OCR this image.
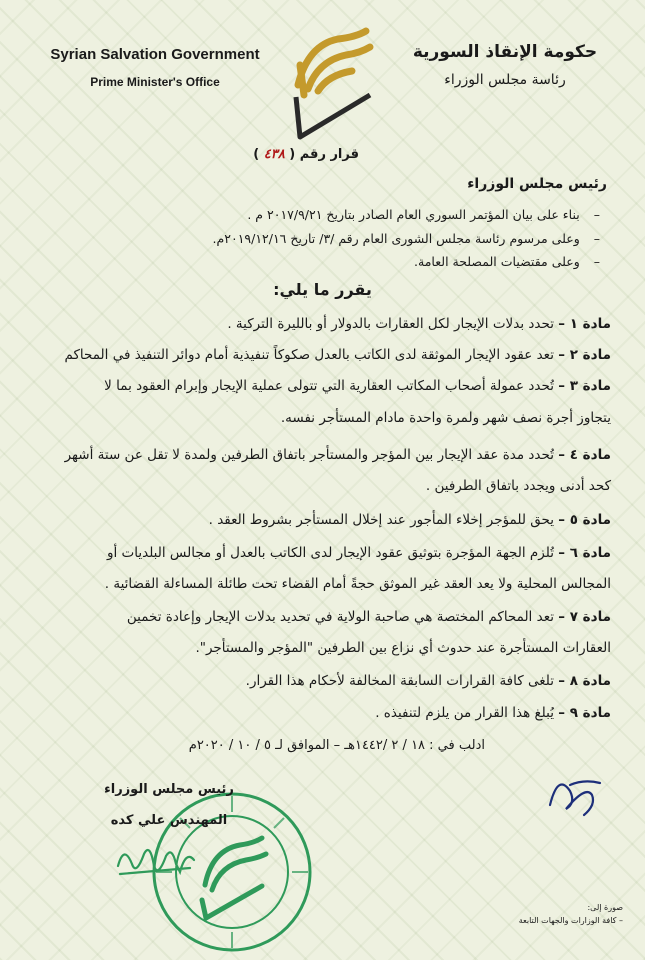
Syrian Salvation Government
Prime Minister's Office
حكومة الإنقاذ السورية
رئاسة مجلس الوزراء
قرار رقم ( ٤٣٨ )
رئيس مجلس الوزراء
–بناء على بيان المؤتمر السوري العام الصادر بتاريخ ٢٠١٧/٩/٢١ م .
–وعلى مرسوم رئاسة مجلس الشورى العام رقم /٣/ تاريخ ٢٠١٩/١٢/١٦م.
–وعلى مقتضيات المصلحة العامة.
يقرر ما يلي:
مادة ١ – تحدد بدلات الإيجار لكل العقارات بالدولار أو بالليرة التركية .
مادة ٢ – تعد عقود الإيجار الموثقة لدى الكاتب بالعدل صكوكاً تنفيذية أمام دوائر التنفيذ في المحاكم
مادة ٣ – تُحدد عمولة أصحاب المكاتب العقارية التي تتولى عملية الإيجار وإبرام العقود بما لا
يتجاوز أجرة نصف شهر ولمرة واحدة مادام المستأجر نفسه.
مادة ٤ – تُحدد مدة عقد الإيجار بين المؤجر والمستأجر باتفاق الطرفين ولمدة لا تقل عن ستة أشهر
كحد أدنى ويجدد باتفاق الطرفين .
مادة ٥ – يحق للمؤجر إخلاء المأجور عند إخلال المستأجر بشروط العقد .
مادة ٦ – تُلزم الجهة المؤجرة بتوثيق عقود الإيجار لدى الكاتب بالعدل أو مجالس البلديات أو
المجالس المحلية ولا يعد العقد غير الموثق حجةً أمام القضاء تحت طائلة المساءلة القضائية .
مادة ٧ – تعد المحاكم المختصة هي صاحبة الولاية في تحديد بدلات الإيجار وإعادة تخمين
العقارات المستأجرة عند حدوث أي نزاع بين الطرفين "المؤجر والمستأجر".
مادة ٨ – تلغى كافة القرارات السابقة المخالفة لأحكام هذا القرار.
مادة ٩ – يُبلغ هذا القرار من يلزم لتنفيذه .
ادلب في : ١٨ / ٢ /١٤٤٢هـ – الموافق لـ ٥ / ١٠ / ٢٠٢٠م
رئيس مجلس الوزراء
المهندس علي كده
صورة إلى:
– كافة الوزارات والجهات التابعة
